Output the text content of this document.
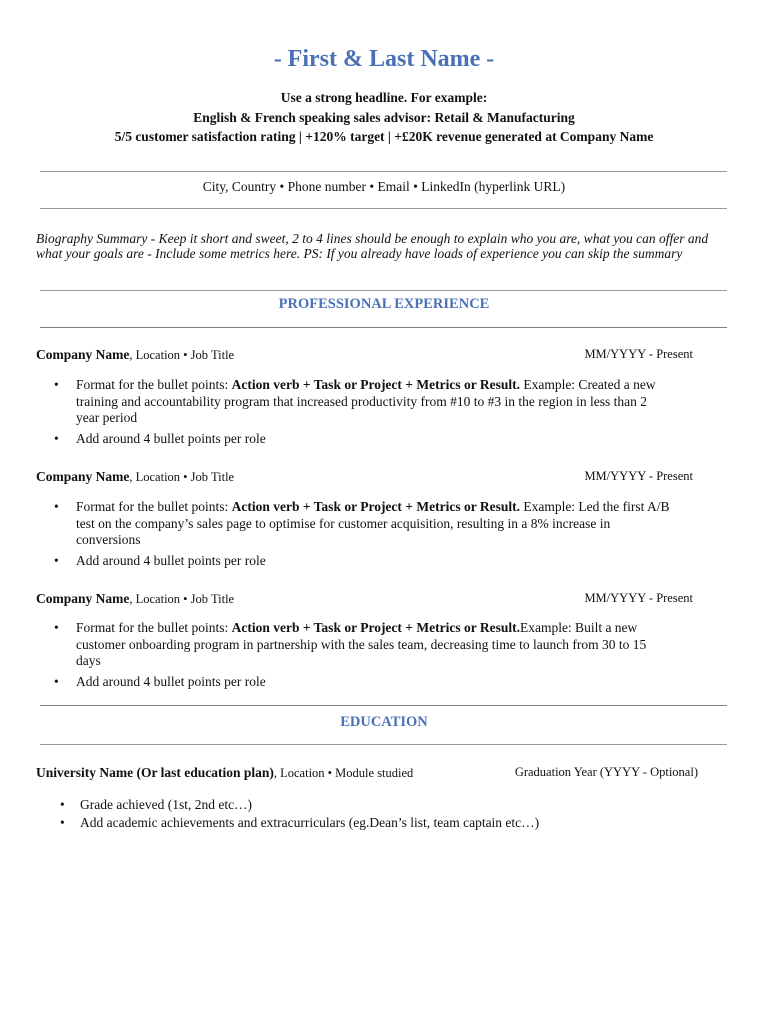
- First & Last Name -
Use a strong headline. For example:
English & French speaking sales advisor: Retail & Manufacturing
5/5 customer satisfaction rating | +120% target | +£20K revenue generated at Company Name
City, Country • Phone number • Email • LinkedIn (hyperlink URL)
Biography Summary - Keep it short and sweet, 2 to 4 lines should be enough to explain who you are, what you can offer and what your goals are - Include some metrics here. PS: If you already have loads of experience you can skip the summary
PROFESSIONAL EXPERIENCE
Company Name, Location • Job Title	MM/YYYY - Present
• Format for the bullet points: Action verb + Task or Project + Metrics or Result. Example: Created a new training and accountability program that increased productivity from #10 to #3 in the region in less than 2 year period
• Add around 4 bullet points per role
Company Name, Location • Job Title	MM/YYYY - Present
• Format for the bullet points: Action verb + Task or Project + Metrics or Result. Example: Led the first A/B test on the company’s sales page to optimise for customer acquisition, resulting in a 8% increase in conversions
• Add around 4 bullet points per role
Company Name, Location • Job Title	MM/YYYY - Present
• Format for the bullet points: Action verb + Task or Project + Metrics or Result.Example: Built a new customer onboarding program in partnership with the sales team, decreasing time to launch from 30 to 15 days
• Add around 4 bullet points per role
EDUCATION
University Name (Or last education plan), Location • Module studied	Graduation Year (YYYY - Optional)
• Grade achieved (1st, 2nd etc…)
• Add academic achievements and extracurriculars (eg.Dean’s list, team captain etc…)
